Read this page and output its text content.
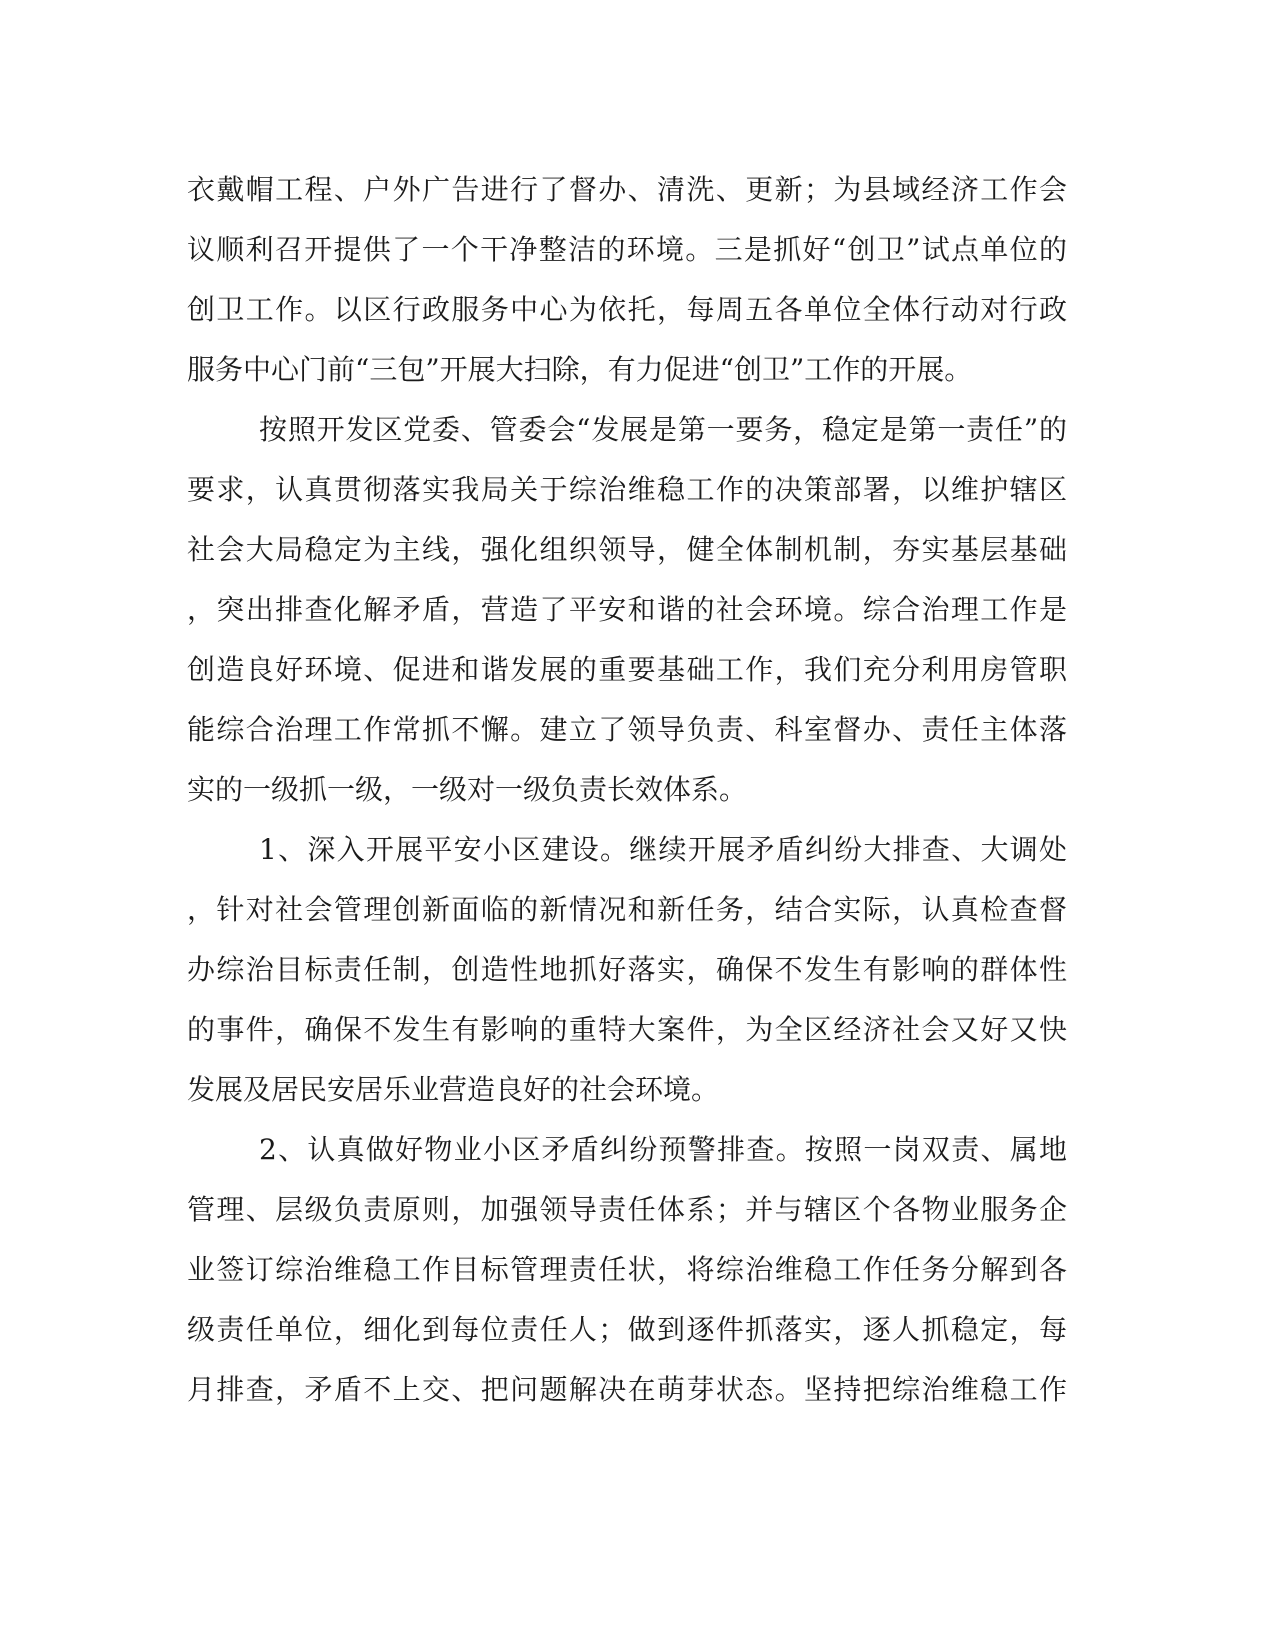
衣戴帽工程、户外广告进行了督办、清洗、更新；为县域经济工作会
议顺利召开提供了一个干净整洁的环境。三是抓好“创卫”试点单位的
创卫工作。以区行政服务中心为依托，每周五各单位全体行动对行政
服务中心门前“三包”开展大扫除，有力促进“创卫”工作的开展。
按照开发区党委、管委会“发展是第一要务，稳定是第一责任”的
要求，认真贯彻落实我局关于综治维稳工作的决策部署，以维护辖区
社会大局稳定为主线，强化组织领导，健全体制机制，夯实基层基础
，突出排查化解矛盾，营造了平安和谐的社会环境。综合治理工作是
创造良好环境、促进和谐发展的重要基础工作，我们充分利用房管职
能综合治理工作常抓不懈。建立了领导负责、科室督办、责任主体落
实的一级抓一级，一级对一级负责长效体系。
1、深入开展平安小区建设。继续开展矛盾纠纷大排查、大调处
，针对社会管理创新面临的新情况和新任务，结合实际，认真检查督
办综治目标责任制，创造性地抓好落实，确保不发生有影响的群体性
的事件，确保不发生有影响的重特大案件，为全区经济社会又好又快
发展及居民安居乐业营造良好的社会环境。
2、认真做好物业小区矛盾纠纷预警排查。按照一岗双责、属地
管理、层级负责原则，加强领导责任体系；并与辖区个各物业服务企
业签订综治维稳工作目标管理责任状，将综治维稳工作任务分解到各
级责任单位，细化到每位责任人；做到逐件抓落实，逐人抓稳定，每
月排查，矛盾不上交、把问题解决在萌芽状态。坚持把综治维稳工作
